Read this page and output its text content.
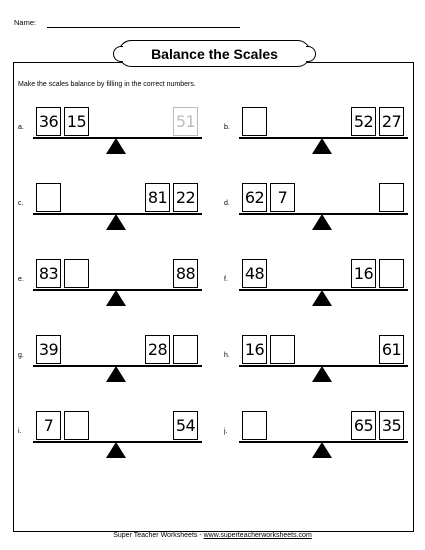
Name:
Balance the Scales
Make the scales balance by filling in the correct numbers.
a. 36 15	51	b.	52 27
c.	81 22	d. 62 7
e. 83	88	f. 48	16
g. 39	28	h. 16	61
i.	7	54	j.	65 35
Super Teacher Worksheets - www.superteacherworksheets.com
